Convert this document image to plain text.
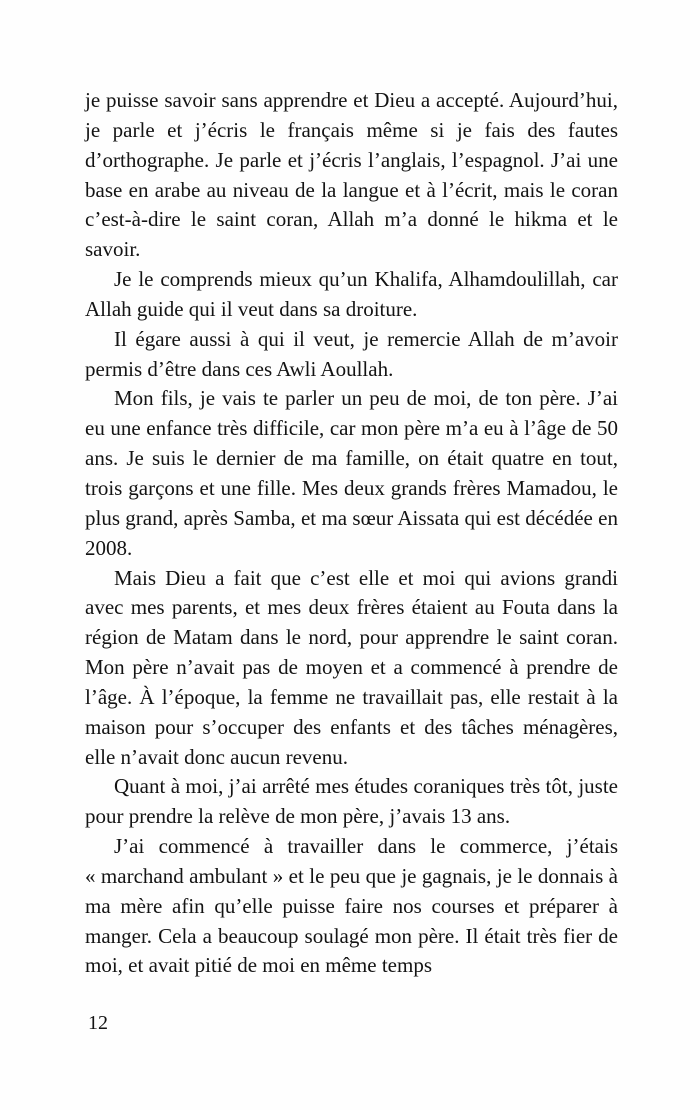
je puisse savoir sans apprendre et Dieu a accepté. Aujourd’hui, je parle et j’écris le français même si je fais des fautes d’orthographe. Je parle et j’écris l’anglais, l’espagnol. J’ai une base en arabe au niveau de la langue et à l’écrit, mais le coran c’est-à-dire le saint coran, Allah m’a donné le hikma et le savoir.

Je le comprends mieux qu’un Khalifa, Alhamdoulillah, car Allah guide qui il veut dans sa droiture.

Il égare aussi à qui il veut, je remercie Allah de m’avoir permis d’être dans ces Awli Aoullah.

Mon fils, je vais te parler un peu de moi, de ton père. J’ai eu une enfance très difficile, car mon père m’a eu à l’âge de 50 ans. Je suis le dernier de ma famille, on était quatre en tout, trois garçons et une fille. Mes deux grands frères Mamadou, le plus grand, après Samba, et ma sœur Aissata qui est décédée en 2008.

Mais Dieu a fait que c’est elle et moi qui avions grandi avec mes parents, et mes deux frères étaient au Fouta dans la région de Matam dans le nord, pour apprendre le saint coran. Mon père n’avait pas de moyen et a commencé à prendre de l’âge. À l’époque, la femme ne travaillait pas, elle restait à la maison pour s’occuper des enfants et des tâches ménagères, elle n’avait donc aucun revenu.

Quant à moi, j’ai arrêté mes études coraniques très tôt, juste pour prendre la relève de mon père, j’avais 13 ans.

J’ai commencé à travailler dans le commerce, j’étais « marchand ambulant » et le peu que je gagnais, je le donnais à ma mère afin qu’elle puisse faire nos courses et préparer à manger. Cela a beaucoup soulagé mon père. Il était très fier de moi, et avait pitié de moi en même temps

12
